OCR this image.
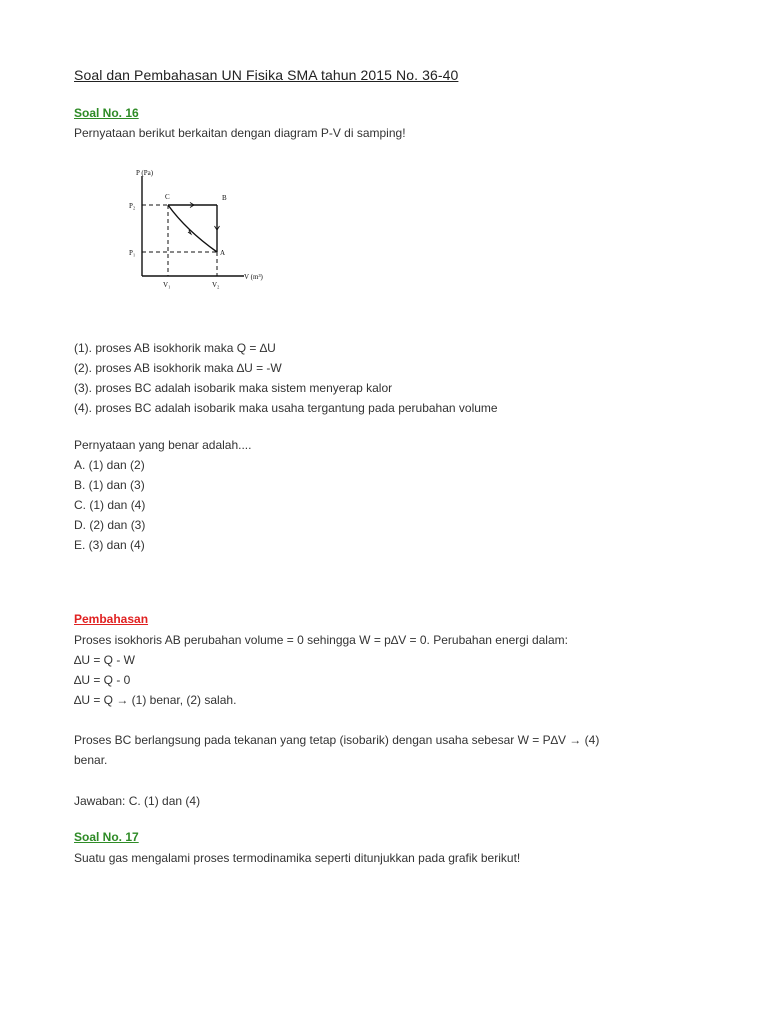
Soal dan Pembahasan UN Fisika SMA tahun 2015 No. 36-40
Soal No. 16
Pernyataan berikut berkaitan dengan diagram P-V di samping!
P (Pa)
V (m³)
P₂
P₁
V₁	V₂
C	B
A
(1). proses AB isokhorik maka Q = ∆U
(2). proses AB isokhorik maka ∆U = -W
(3). proses BC adalah isobarik maka sistem menyerap kalor
(4). proses BC adalah isobarik maka usaha tergantung pada perubahan volume
Pernyataan yang benar adalah....
A. (1) dan (2)
B. (1) dan (3)
C. (1) dan (4)
D. (2) dan (3)
E. (3) dan (4)
Pembahasan
Proses isokhoris AB perubahan volume = 0 sehingga W = p∆V = 0. Perubahan energi dalam:
∆U = Q - W
∆U = Q - 0
∆U = Q → (1) benar, (2) salah.
Proses BC berlangsung pada tekanan yang tetap (isobarik) dengan usaha sebesar W = P∆V → (4)
benar.
Jawaban: C. (1) dan (4)
Soal No. 17
Suatu gas mengalami proses termodinamika seperti ditunjukkan pada grafik berikut!
